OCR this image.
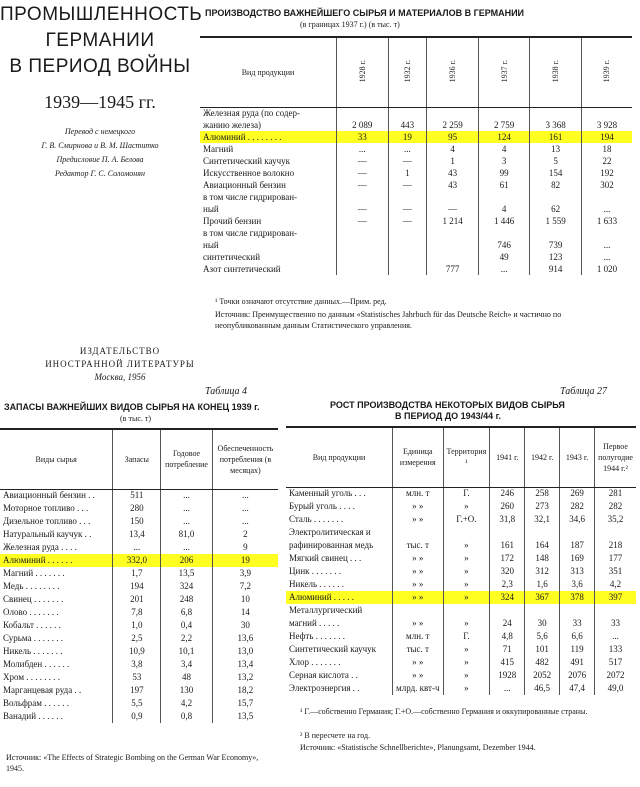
ПРОМЫШЛЕННОСТЬ
ГЕРМАНИИ
В ПЕРИОД ВОЙНЫ
1939—1945 гг.
Перевод с немецкого
Г. В. Смирнова и В. М. Шаститко
Предисловие П. А. Белова
Редактор Г. С. Соломонян
ИЗДАТЕЛЬСТВО
ИНОСТРАННОЙ ЛИТЕРАТУРЫ
Москва, 1956
ПРОИЗВОДСТВО ВАЖНЕЙШЕГО СЫРЬЯ И МАТЕРИАЛОВ В ГЕРМАНИИ
(в границах 1937 г.) (в тыс. т)
Вид продукции	1928 г.	1932 г.	1936 г.	1937 г.	1938 г.	1939 г.
Железная руда (по содер-						
жанию железа)	2 089	443	2 259	2 759	3 368	3 928
Алюминий . . . . . . . .	33	19	95	124	161	194
Магний	...	...	4	4	13	18
Синтетический каучук	—	—	1	3	5	22
Искусственное волокно	—	1	43	99	154	192
Авиационный бензин	—	—	43	61	82	302
в том числе гидрирован-						
ный	—	—	—	4	62	...
Прочий бензин	—	—	1 214	1 446	1 559	1 633
в том числе гидрирован-						
ный				746	739	...
синтетический				49	123	...
Азот синтетический			777	...	914	1 020
¹ Точки означают отсутствие данных.—Прим. ред.
Источник: Преимущественно по данным «Statistisches Jahrbuch für das Deutsche Reich» и частично по неопубликованным данным Статистического управления.
Таблица 4
ЗАПАСЫ ВАЖНЕЙШИХ ВИДОВ СЫРЬЯ НА КОНЕЦ 1939 г.
(в тыс. т)
Виды сырья	Запасы	Годовое потребление	Обеспеченность потребления (в месяцах)
Авиационный бензин . .	511	...	...
Моторное топливо . . .	280	...	...
Дизельное топливо . . .	150	...	...
Натуральный каучук . .	13,4	81,0	2
Железная руда . . . .	...	...	9
Алюминий . . . . . .	332,0	206	19
Магний . . . . . . .	1,7	13,5	3,9
Медь . . . . . . . .	194	324	7,2
Свинец . . . . . . .	201	248	10
Олово . . . . . . .	7,8	6,8	14
Кобальт . . . . . .	1,0	0,4	30
Сурьма . . . . . . .	2,5	2,2	13,6
Никель . . . . . . .	10,9	10,1	13,0
Молибден . . . . . .	3,8	3,4	13,4
Хром . . . . . . . .	53	48	13,2
Марганцевая руда . .	197	130	18,2
Вольфрам . . . . . .	5,5	4,2	15,7
Ванадий . . . . . .	0,9	0,8	13,5
Источник: «The Effects of Strategic Bombing on the German War Economy», 1945.
Таблица 27
РОСТ ПРОИЗВОДСТВА НЕКОТОРЫХ ВИДОВ СЫРЬЯ
В ПЕРИОД ДО 1943/44 г.
Вид продукции	Единица измерения	Территория ¹	1941 г.	1942 г.	1943 г.	Первое полугодие 1944 г.²
Каменный уголь . . .	млн. т	Г.	246	258	269	281
Бурый уголь . . . .	» »	»	260	273	282	282
Сталь . . . . . . .	» »	Г.+О.	31,8	32,1	34,6	35,2
Электролитическая и						
рафинированная медь	тыс. т	»	161	164	187	218
Мягкий свинец . . .	» »	»	172	148	169	177
Цинк . . . . . . .	» »	»	320	312	313	351
Никель . . . . . .	» »	»	2,3	1,6	3,6	4,2
Алюминий . . . . .	» »	»	324	367	378	397
Металлургический						
магний . . . . .	» »	»	24	30	33	33
Нефть . . . . . . .	млн. т	Г.	4,8	5,6	6,6	...
Синтетический каучук	тыс. т	»	71	101	119	133
Хлор . . . . . . .	» »	»	415	482	491	517
Серная кислота . .	» »	»	1928	2052	2076	2072
Электроэнергия . .	млрд. квт-ч	»	...	46,5	47,4	49,0
¹ Г.—собственно Германия; Г.+О.—собственно Германия и оккупированные страны.
² В пересчете на год.
Источник: «Statistische Schnellberichte», Planungsamt, Dezember 1944.
